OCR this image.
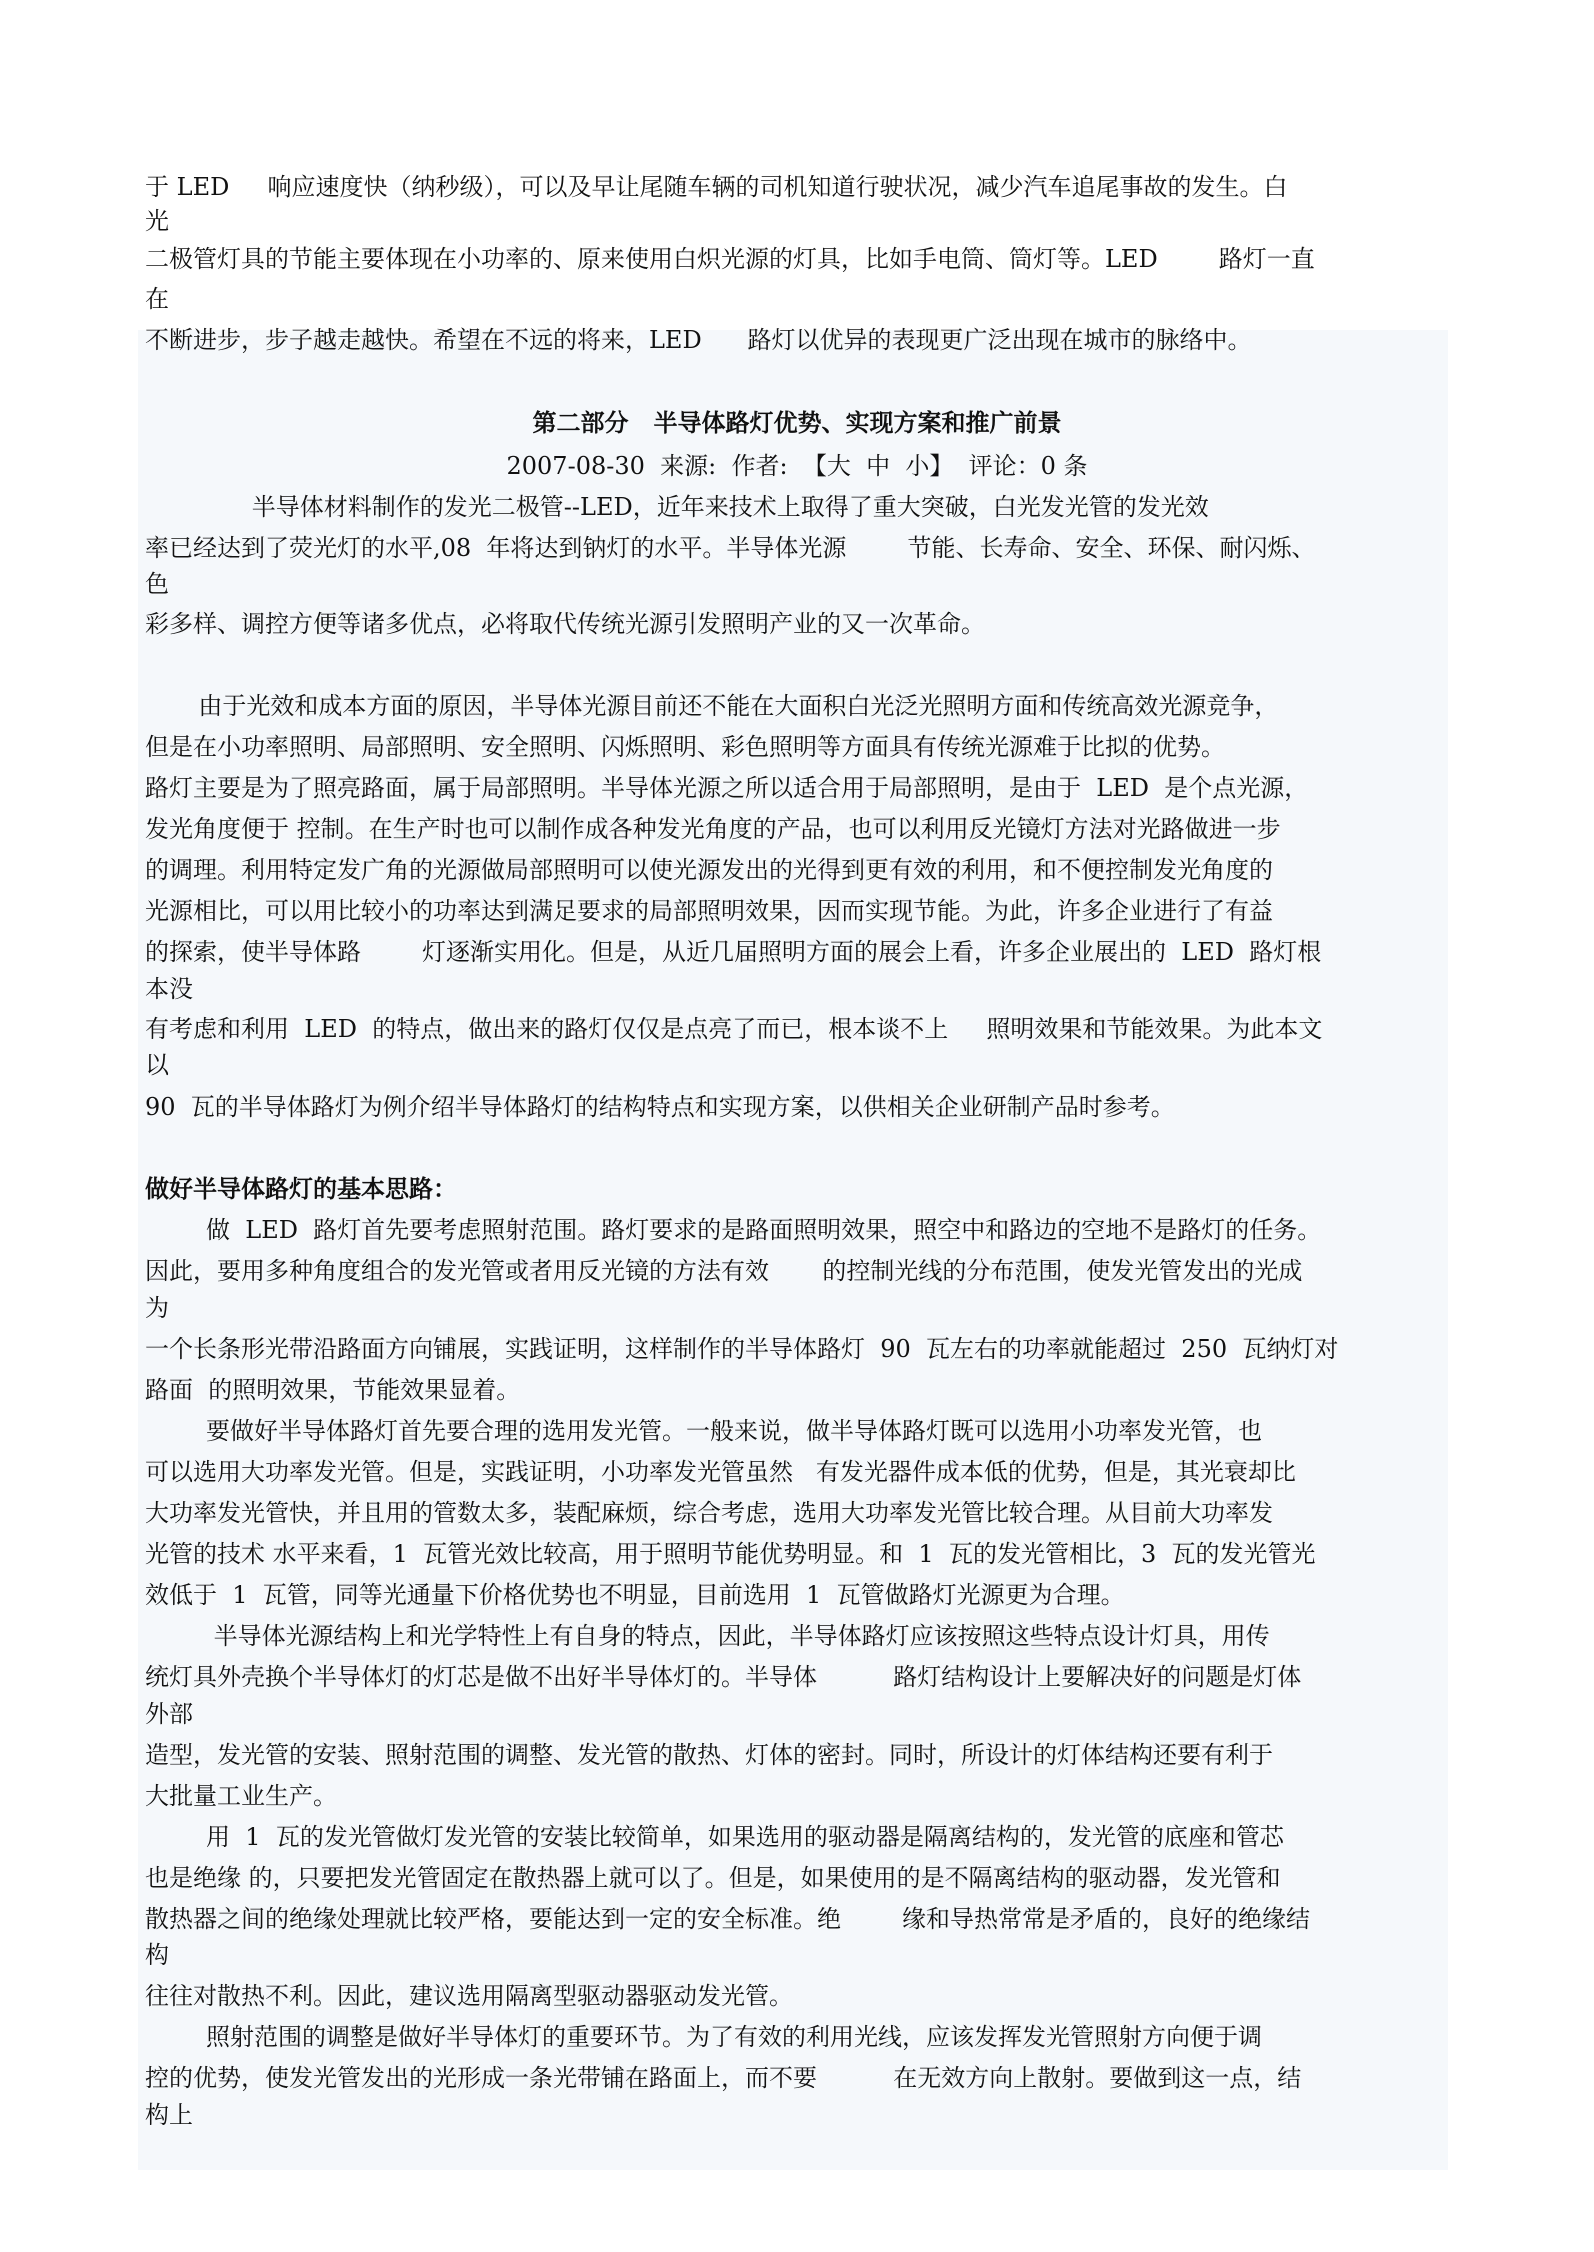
于 LED     响应速度快（纳秒级），可以及早让尾随车辆的司机知道行驶状况，减少汽车追尾事故的发生。白
光
二极管灯具的节能主要体现在小功率的、原来使用白炽光源的灯具，比如手电筒、筒灯等。LED        路灯一直
在
不断进步，步子越走越快。希望在不远的将来，LED      路灯以优异的表现更广泛出现在城市的脉络中。
第二部分   半导体路灯优势、实现方案和推广前景
2007-08-30  来源:  作者:  【大  中  小】  评论：0 条
半导体材料制作的发光二极管--LED，近年来技术上取得了重大突破，白光发光管的发光效
率已经达到了荧光灯的水平,08  年将达到钠灯的水平。半导体光源        节能、长寿命、安全、环保、耐闪烁、
色
彩多样、调控方便等诸多优点，必将取代传统光源引发照明产业的又一次革命。
由于光效和成本方面的原因，半导体光源目前还不能在大面积白光泛光照明方面和传统高效光源竞争，
但是在小功率照明、局部照明、安全照明、闪烁照明、彩色照明等方面具有传统光源难于比拟的优势。
路灯主要是为了照亮路面，属于局部照明。半导体光源之所以适合用于局部照明，是由于  LED  是个点光源，
发光角度便于 控制。在生产时也可以制作成各种发光角度的产品，也可以利用反光镜灯方法对光路做进一步
的调理。利用特定发广角的光源做局部照明可以使光源发出的光得到更有效的利用，和不便控制发光角度的
光源相比，可以用比较小的功率达到满足要求的局部照明效果，因而实现节能。为此，许多企业进行了有益
的探索，使半导体路        灯逐渐实用化。但是，从近几届照明方面的展会上看，许多企业展出的  LED  路灯根
本没
有考虑和利用  LED  的特点，做出来的路灯仅仅是点亮了而已，根本谈不上     照明效果和节能效果。为此本文
以
90  瓦的半导体路灯为例介绍半导体路灯的结构特点和实现方案，以供相关企业研制产品时参考。
做好半导体路灯的基本思路：
做  LED  路灯首先要考虑照射范围。路灯要求的是路面照明效果，照空中和路边的空地不是路灯的任务。
因此，要用多种角度组合的发光管或者用反光镜的方法有效       的控制光线的分布范围，使发光管发出的光成
为
一个长条形光带沿路面方向铺展，实践证明，这样制作的半导体路灯  90  瓦左右的功率就能超过  250  瓦纳灯对
路面  的照明效果，节能效果显着。
要做好半导体路灯首先要合理的选用发光管。一般来说，做半导体路灯既可以选用小功率发光管，也
可以选用大功率发光管。但是，实践证明，小功率发光管虽然   有发光器件成本低的优势，但是，其光衰却比
大功率发光管快，并且用的管数太多，装配麻烦，综合考虑，选用大功率发光管比较合理。从目前大功率发
光管的技术 水平来看，1  瓦管光效比较高，用于照明节能优势明显。和  1  瓦的发光管相比，3  瓦的发光管光
效低于  1  瓦管，同等光通量下价格优势也不明显，目前选用  1  瓦管做路灯光源更为合理。
半导体光源结构上和光学特性上有自身的特点，因此，半导体路灯应该按照这些特点设计灯具，用传
统灯具外壳换个半导体灯的灯芯是做不出好半导体灯的。半导体          路灯结构设计上要解决好的问题是灯体
外部
造型，发光管的安装、照射范围的调整、发光管的散热、灯体的密封。同时，所设计的灯体结构还要有利于
大批量工业生产。
用  1  瓦的发光管做灯发光管的安装比较简单，如果选用的驱动器是隔离结构的，发光管的底座和管芯
也是绝缘 的，只要把发光管固定在散热器上就可以了。但是，如果使用的是不隔离结构的驱动器，发光管和
散热器之间的绝缘处理就比较严格，要能达到一定的安全标准。绝        缘和导热常常是矛盾的，良好的绝缘结
构
往往对散热不利。因此，建议选用隔离型驱动器驱动发光管。
照射范围的调整是做好半导体灯的重要环节。为了有效的利用光线，应该发挥发光管照射方向便于调
控的优势，使发光管发出的光形成一条光带铺在路面上，而不要          在无效方向上散射。要做到这一点，结
构上
